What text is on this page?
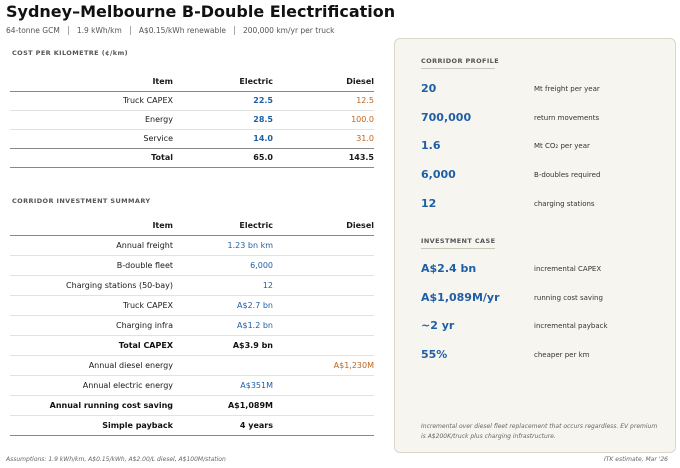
Sydney–Melbourne B-Double Electrification
64-tonne GCM 1.9 kWh/km A$0.15/kWh renewable 200,000 km/yr per truck
COST PER KILOMETRE (¢/km)
Item	Electric	Diesel
Truck CAPEX	22.5	12.5
Energy	28.5	100.0
Service	14.0	31.0
Total	65.0	143.5
CORRIDOR INVESTMENT SUMMARY
Item	Electric	Diesel
Annual freight	1.23 bn km	
B-double fleet	6,000	
Charging stations (50-bay)	12	
Truck CAPEX	A$2.7 bn	
Charging infra	A$1.2 bn	
Total CAPEX	A$3.9 bn	
Annual diesel energy		A$1,230M
Annual electric energy	A$351M	
Annual running cost saving	A$1,089M	
Simple payback	4 years	
CORRIDOR PROFILE
20	Mt freight per year
700,000	return movements
1.6	Mt CO₂ per year
6,000	B-doubles required
12	charging stations
INVESTMENT CASE
A$2.4 bn	incremental CAPEX
A$1,089M/yr	running cost saving
~2 yr	incremental payback
55%	cheaper per km
Incremental over diesel fleet replacement that occurs regardless. EV premium is A$200K/truck plus charging infrastructure.
Assumptions: 1.9 kWh/km, A$0.15/kWh, A$2.00/L diesel, A$100M/station	ITK estimate, Mar '26
